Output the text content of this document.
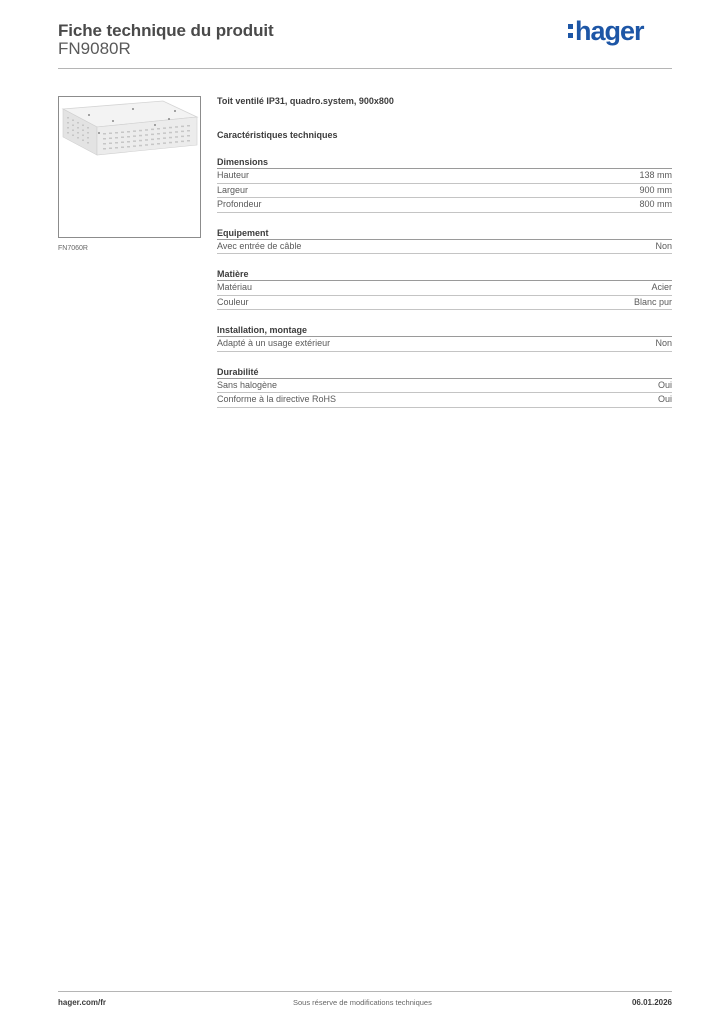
Fiche technique du produit
FN9080R
hager
FN7060R
Toit ventilé IP31, quadro.system, 900x800
Caractéristiques techniques
Dimensions
Hauteur	138 mm
Largeur	900 mm
Profondeur	800 mm
Equipement
Avec entrée de câble	Non
Matière
Matériau	Acier
Couleur	Blanc pur
Installation, montage
Adapté à un usage extérieur	Non
Durabilité
Sans halogène	Oui
Conforme à la directive RoHS	Oui
hager.com/fr	Sous réserve de modifications techniques	06.01.2026
